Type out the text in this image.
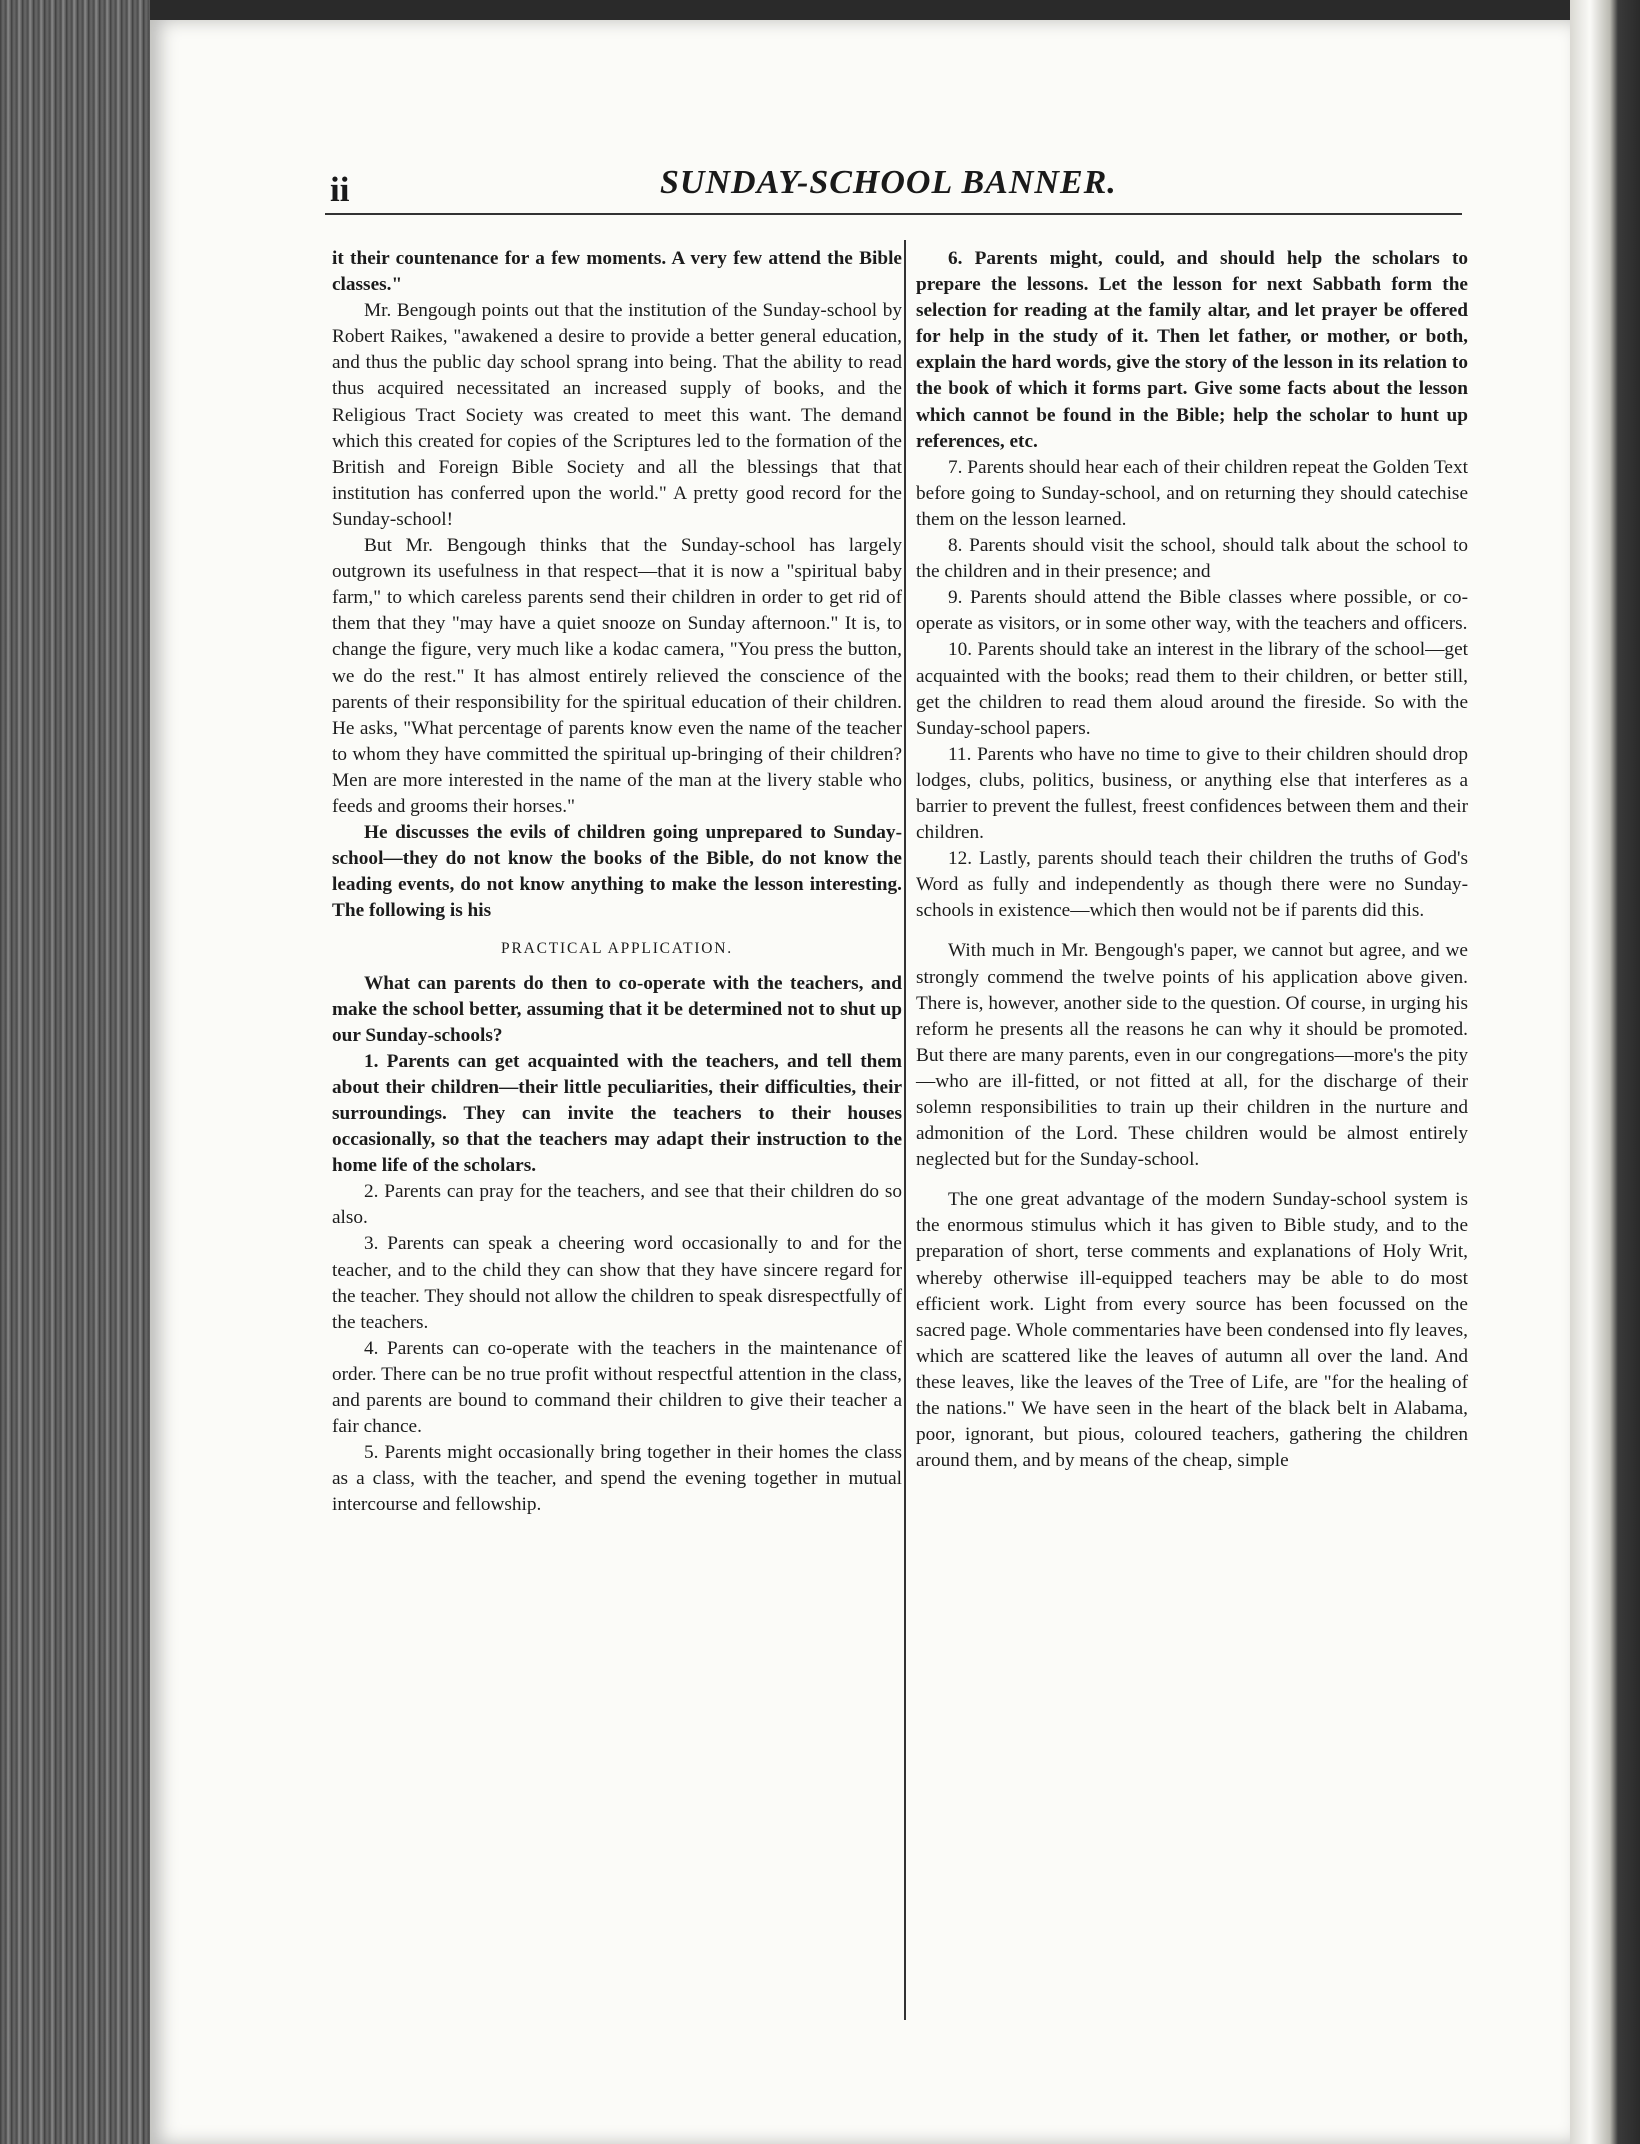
ii	SUNDAY-SCHOOL BANNER.

it their countenance for a few moments. A very few attend the Bible classes."

Mr. Bengough points out that the institution of the Sunday-school by Robert Raikes, "awakened a desire to provide a better general education, and thus the public day school sprang into being. That the ability to read thus acquired necessitated an increased supply of books, and the Religious Tract Society was created to meet this want. The demand which this created for copies of the Scriptures led to the formation of the British and Foreign Bible Society and all the blessings that that institution has conferred upon the world." A pretty good record for the Sunday-school!

But Mr. Bengough thinks that the Sunday-school has largely outgrown its usefulness in that respect—that it is now a "spiritual baby farm," to which careless parents send their children in order to get rid of them that they "may have a quiet snooze on Sunday afternoon." It is, to change the figure, very much like a kodac camera, "You press the button, we do the rest." It has almost entirely relieved the conscience of the parents of their responsibility for the spiritual education of their children. He asks, "What percentage of parents know even the name of the teacher to whom they have committed the spiritual up-bringing of their children? Men are more interested in the name of the man at the livery stable who feeds and grooms their horses."

He discusses the evils of children going unprepared to Sunday-school—they do not know the books of the Bible, do not know the leading events, do not know anything to make the lesson interesting. The following is his

PRACTICAL APPLICATION.

What can parents do then to co-operate with the teachers, and make the school better, assuming that it be determined not to shut up our Sunday-schools?

1. Parents can get acquainted with the teachers, and tell them about their children—their little peculiarities, their difficulties, their surroundings. They can invite the teachers to their houses occasionally, so that the teachers may adapt their instruction to the home life of the scholars.

2. Parents can pray for the teachers, and see that their children do so also.

3. Parents can speak a cheering word occasionally to and for the teacher, and to the child they can show that they have sincere regard for the teacher. They should not allow the children to speak disrespectfully of the teachers.

4. Parents can co-operate with the teachers in the maintenance of order. There can be no true profit without respectful attention in the class, and parents are bound to command their children to give their teacher a fair chance.

5. Parents might occasionally bring together in their homes the class as a class, with the teacher, and spend the evening together in mutual intercourse and fellowship.

6. Parents might, could, and should help the scholars to prepare the lessons. Let the lesson for next Sabbath form the selection for reading at the family altar, and let prayer be offered for help in the study of it. Then let father, or mother, or both, explain the hard words, give the story of the lesson in its relation to the book of which it forms part. Give some facts about the lesson which cannot be found in the Bible; help the scholar to hunt up references, etc.

7. Parents should hear each of their children repeat the Golden Text before going to Sunday-school, and on returning they should catechise them on the lesson learned.

8. Parents should visit the school, should talk about the school to the children and in their presence; and

9. Parents should attend the Bible classes where possible, or co-operate as visitors, or in some other way, with the teachers and officers.

10. Parents should take an interest in the library of the school—get acquainted with the books; read them to their children, or better still, get the children to read them aloud around the fireside. So with the Sunday-school papers.

11. Parents who have no time to give to their children should drop lodges, clubs, politics, business, or anything else that interferes as a barrier to prevent the fullest, freest confidences between them and their children.

12. Lastly, parents should teach their children the truths of God's Word as fully and independently as though there were no Sunday-schools in existence—which then would not be if parents did this.

With much in Mr. Bengough's paper, we cannot but agree, and we strongly commend the twelve points of his application above given. There is, however, another side to the question. Of course, in urging his reform he presents all the reasons he can why it should be promoted. But there are many parents, even in our congregations—more's the pity—who are ill-fitted, or not fitted at all, for the discharge of their solemn responsibilities to train up their children in the nurture and admonition of the Lord. These children would be almost entirely neglected but for the Sunday-school.

The one great advantage of the modern Sunday-school system is the enormous stimulus which it has given to Bible study, and to the preparation of short, terse comments and explanations of Holy Writ, whereby otherwise ill-equipped teachers may be able to do most efficient work. Light from every source has been focussed on the sacred page. Whole commentaries have been condensed into fly leaves, which are scattered like the leaves of autumn all over the land. And these leaves, like the leaves of the Tree of Life, are "for the healing of the nations." We have seen in the heart of the black belt in Alabama, poor, ignorant, but pious, coloured teachers, gathering the children around them, and by means of the cheap, simple
